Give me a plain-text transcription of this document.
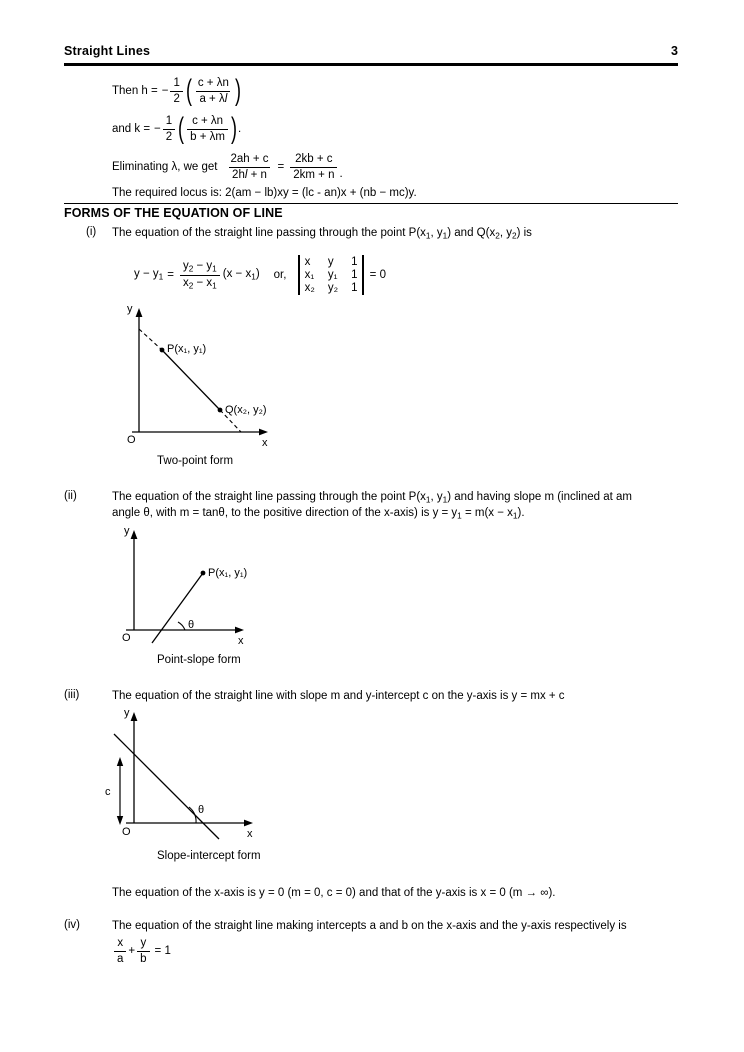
Straight Lines	3
Then h = − $\frac{1}{2}$ ( $\frac{c + \lambda n}{a + \lambda l}$ )
and k = − $\frac{1}{2}$ ( $\frac{c + \lambda n}{b + \lambda m}$ ) .
Eliminating λ, we get $\frac{2ah + c}{2hl + n} = \frac{2kb + c}{2km + n}$ .
The required locus is: 2(am − lb)xy = (lc - an)x + (nb − mc)y.
FORMS OF THE EQUATION OF LINE
(i) The equation of the straight line passing through the point $P(x_1$, $y_1$) and $Q(x_2$, $y_2$) is
$y - y_1 = \frac{y_2 - y_1}{x_2 - x_1} (x - x_1)$ or,
x	y	1
x₁ y₁ 1
x₂ y₂ 1
= 0
y
x
O
P(x₁, y₁)
Q(x₂, y₂)
Two-point form
(ii)	The equation of the straight line passing through the point $P(x_1$, $y_1$) and having slope m (inclined at am
angle θ, with m = tanθ, to the positive direction of the x-axis) is $y = y_1 = m(x - x_1)$.
y
x
O
P(x₁, y₁)
θ
Point-slope form
(iii)	The equation of the straight line with slope m and y-intercept c on the y-axis is y = mx + c
y
x
O
c
θ
Slope-intercept form
The equation of the x-axis is y = 0 (m = 0, c = 0) and that of the y-axis is x = 0 (m → ∞).
(iv)	The equation of the straight line making intercepts a and b on the x-axis and the y-axis respectively is
$\frac{x}{a} + \frac{y}{b} = 1$
